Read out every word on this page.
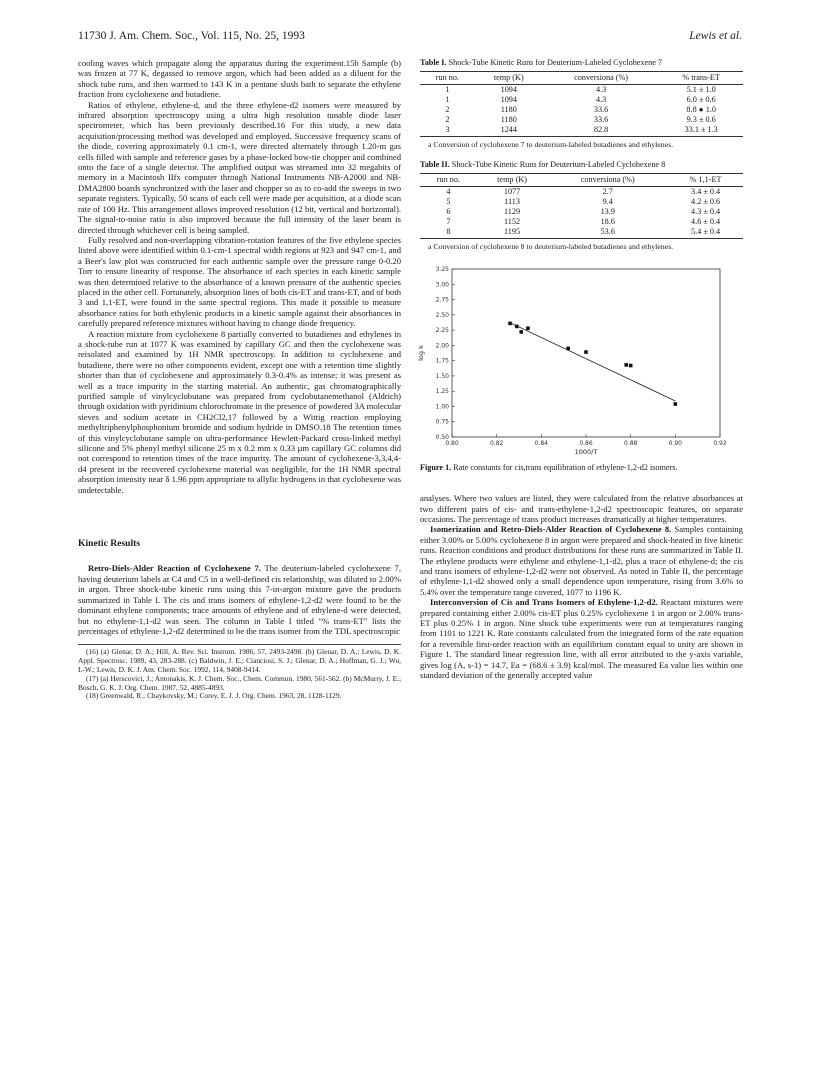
11730 J. Am. Chem. Soc., Vol. 115, No. 25, 1993	Lewis et al.

cooling waves which propagate along the apparatus during the experiment.15b Sample (b) was frozen at 77 K, degassed to remove argon, which had been added as a diluent for the shock tube runs, and then warmed to 143 K in a pentane slush bath to separate the ethylene fraction from cyclohexene and butadiene.

Ratios of ethylene, ethylene-d, and the three ethylene-d2 isomers were measured by infrared absorption spectroscopy using a ultra high resolution tunable diode laser spectrometer, which has been previously described.16 For this study, a new data acquisition/processing method was developed and employed. Successive frequency scans of the diode, covering approximately 0.1 cm-1, were directed alternately through 1.20-m gas cells filled with sample and reference gases by a phase-locked bow-tie chopper and combined onto the face of a single detector. The amplified output was streamed into 32 megabits of memory in a Macintosh IIfx computer through National Instruments NB-A2000 and NB-DMA2800 boards synchronized with the laser and chopper so as to co-add the sweeps in two separate registers. Typically, 50 scans of each cell were made per acquisition, at a diode scan rate of 100 Hz. This arrangement allows improved resolution (12 bit, vertical and horizontal). The signal-to-noise ratio is also improved because the full intensity of the laser beam is directed through whichever cell is being sampled.

Fully resolved and non-overlapping vibration-rotation features of the five ethylene species listed above were identified within 0.1-cm-1 spectral width regions at 923 and 947 cm-1, and a Beer's law plot was constructed for each authentic sample over the pressure range 0-0.20 Torr to ensure linearity of response. The absorbance of each species in each kinetic sample was then determined relative to the absorbance of a known pressure of the authentic species placed in the other cell. Fortunately, absorption lines of both cis-ET and trans-ET, and of both 3 and 1,1-ET, were found in the same spectral regions. This made it possible to measure absorbance ratios for both ethylenic products in a kinetic sample against their absorbances in carefully prepared reference mixtures without having to change diode frequency.

A reaction mixture from cyclohexene 8 partially converted to butadienes and ethylenes in a shock-tube run at 1077 K was examined by capillary GC and then the cyclohexene was reisolated and examined by 1H NMR spectroscopy. In addition to cyclohexene and butadiene, there were no other components evident, except one with a retention time slightly shorter than that of cyclohexene and approximately 0.3-0.4% as intense; it was present as well as a trace impurity in the starting material. An authentic, gas chromatographically purified sample of vinylcyclobutane was prepared from cyclobutanemethanol (Aldrich) through oxidation with pyridinium chlorochromate in the presence of powdered 3A molecular sieves and sodium acetate in CH2Cl2,17 followed by a Wittig reaction employing methyltriphenylphosphonium bromide and sodium hydride in DMSO.18 The retention times of this vinylcyclobutane sample on ultra-performance Hewlett-Packard cross-linked methyl silicone and 5% phenyl methyl silicone 25 m x 0.2 mm x 0.33 µm capillary GC columns did not correspond to retention times of the trace impurity. The amount of cyclohexene-3,3,4,4-d4 present in the recovered cyclohexene material was negligible, for the 1H NMR spectral absorption intensity near δ 1.96 ppm appropriate to allylic hydrogens in that cyclohexene was undetectable.

Kinetic Results

Retro-Diels-Alder Reaction of Cyclohexene 7. The deuterium-labeled cyclohexene 7, having deuterium labels at C4 and C5 in a well-defined cis relationship, was diluted to 2.00% in argon. Three shock-tube kinetic runs using this 7-in-argon mixture gave the products summarized in Table I. The cis and trans isomers of ethylene-1,2-d2 were found to be the dominant ethylene components; trace amounts of ethylene and of ethylene-d were detected, but no ethylene-1,1-d2 was seen. The column in Table I titled "% trans-ET" lists the percentages of ethylene-1,2-d2 determined to be the trans isomer from the TDL spectroscopic

(16) (a) Glenar, D. A.; Hill, A. Rev. Sci. Instrum. 1986, 57, 2493-2498. (b) Glenar, D. A.; Lewis, D. K. Appl. Spectrosc. 1989, 43, 283-288. (c) Baldwin, J. E.; Cianciosi, S. J.; Glenar, D. A.; Hoffman, G. J.; Wu, I.-W.; Lewis, D. K. J. Am. Chem. Soc. 1992, 114, 9408-9414.
(17) (a) Herscovici, J.; Antonakis, K. J. Chem. Soc., Chem. Commun. 1980, 561-562. (b) McMurry, J. E.; Bosch, G. K. J. Org. Chem. 1987, 52, 4885-4893.
(18) Greenwald, R.; Chaykovsky, M.; Corey, E. J. J. Org. Chem. 1963, 28, 1128-1129.
Table I. Shock-Tube Kinetic Runs for Deuterium-Labeled Cyclohexene 7
run no.	temp (K)	conversiona (%)	% trans-ET
1	1094	4.3	5.1 ± 1.0
1	1094	4.3	6.0 ± 0.6
2	1180	33.6	8.8 ● 1.0
2	1180	33.6	9.3 ± 0.6
3	1244	82.8	33.1 ± 1.3
a Conversion of cyclohexene 7 to deuterium-labeled butadienes and ethylenes.
Table II. Shock-Tube Kinetic Runs for Deuterium-Labeled Cyclohexene 8
run no.	temp (K)	conversiona (%)	% 1,1-ET
4	1077	2.7	3.4 ± 0.4
5	1113	9.4	4.2 ± 0.6
6	1129	13.9	4.3 ± 0.4
7	1152	18.6	4.6 ± 0.4
8	1195	53.6	5.4 ± 0.4
a Conversion of cyclohexene 8 to deuterium-labeled butadienes and ethylenes.
0.50
0.75
1.00
1.25
1.50
1.75
2.00
2.25
2.50
2.75
3.00
3.25
0.80	0.82	0.84	0.86	0.88	0.90	0.92
1000/T
log k
Figure 1. Rate constants for cis,trans equilibration of ethylene-1,2-d2 isomers.

analyses. Where two values are listed, they were calculated from the relative absorbances at two different pairs of cis- and trans-ethylene-1,2-d2 spectroscopic features, on separate occasions. The percentage of trans product increases dramatically at higher temperatures.

Isomerization and Retro-Diels-Alder Reaction of Cyclohexene 8. Samples containing either 3.00% or 5.00% cyclohexene 8 in argon were prepared and shock-heated in five kinetic runs. Reaction conditions and product distributions for these runs are summarized in Table II. The ethylene products were ethylene and ethylene-1,1-d2, plus a trace of ethylene-d; the cis and trans isomers of ethylene-1,2-d2 were not observed. As noted in Table II, the percentage of ethylene-1,1-d2 showed only a small dependence upon temperature, rising from 3.6% to 5.4% over the temperature range covered, 1077 to 1196 K.

Interconversion of Cis and Trans Isomers of Ethylene-1,2-d2. Reactant mixtures were prepared containing either 2.00% cis-ET plus 0.25% cyclohexene 1 in argon or 2.00% trans-ET plus 0.25% 1 in argon. Nine shock tube experiments were run at temperatures ranging from 1101 to 1221 K. Rate constants calculated from the integrated form of the rate equation for a reversible first-order reaction with an equilibrium constant equal to unity are shown in Figure 1. The standard linear regression line, with all error attributed to the y-axis variable, gives log (A, s-1) = 14.7, Ea = (68.6 ± 3.9) kcal/mol. The measured Ea value lies within one standard deviation of the generally accepted value
